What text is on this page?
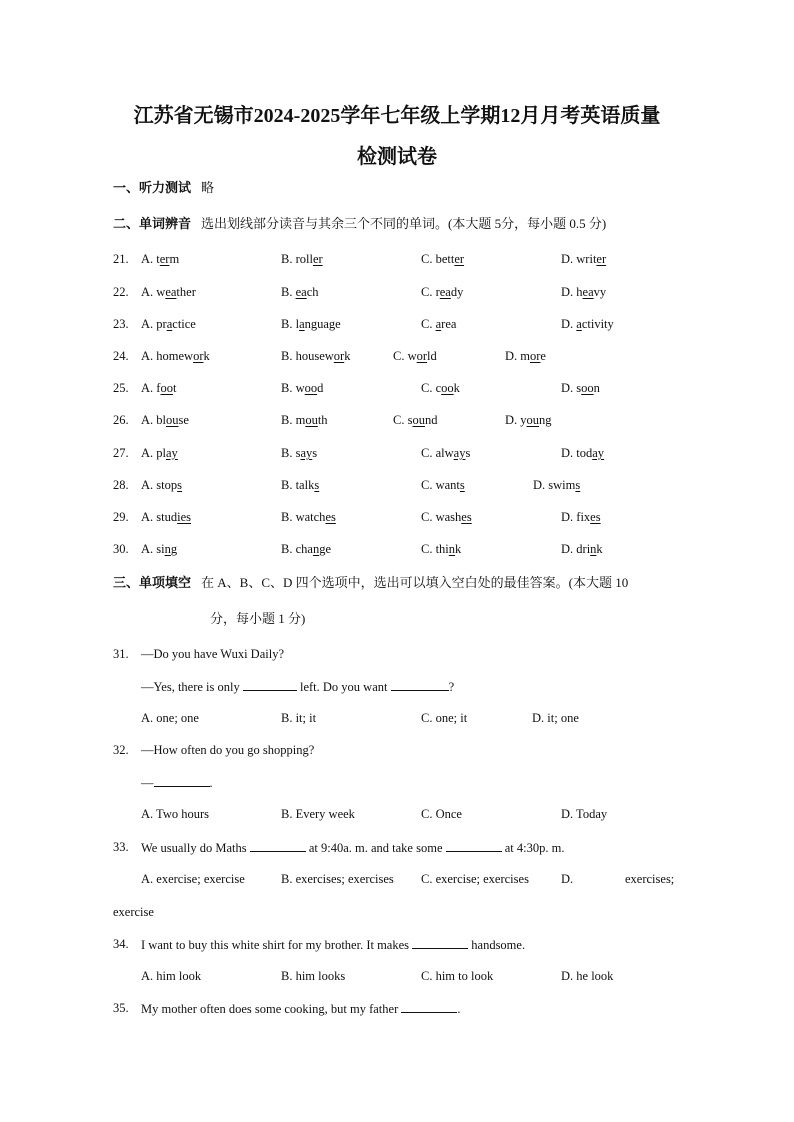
江苏省无锡市2024-2025学年七年级上学期12月月考英语质量
检测试卷
一、听力测试 略
二、单词辨音 选出划线部分读音与其余三个不同的单词。(本大题 5分，每小题 0.5 分)
21. A. term	B. roller	C. better	D. writer
22. A. weather	B. each	C. ready	D. heavy
23. A. practice	B. language	C. area	D. activity
24. A. homework	B. housework	C. world	D. more
25. A. foot	B. wood	C. cook	D. soon
26. A. blouse	B. mouth	C. sound	D. young
27. A. play	B. says	C. always	D. today
28. A. stops	B. talks	C. wants	D. swims
29. A. studies	B. watches	C. washes	D. fixes
30. A. sing	B. change	C. think	D. drink
三、单项填空 在 A、B、C、D 四个选项中，选出可以填入空白处的最佳答案。(本大题 10
分，每小题 1 分)
31. —Do you have Wuxi Daily?
—Yes, there is only	left. Do you want	?
A. one; one	B. it; it	C. one; it	D. it; one
32. —How often do you go shopping?
—	.
A. Two hours	B. Every week	C. Once	D. Today
33. We usually do Maths	at 9:40a. m. and take some	at 4:30p. m.
A. exercise; exercise	B. exercises; exercises C. exercise; exercises	D.	exercises;
exercise
34. I want to buy this white shirt for my brother. It makes	handsome.
A. him look	B. him looks	C. him to look	D. he look
35. My mother often does some cooking, but my father	.
